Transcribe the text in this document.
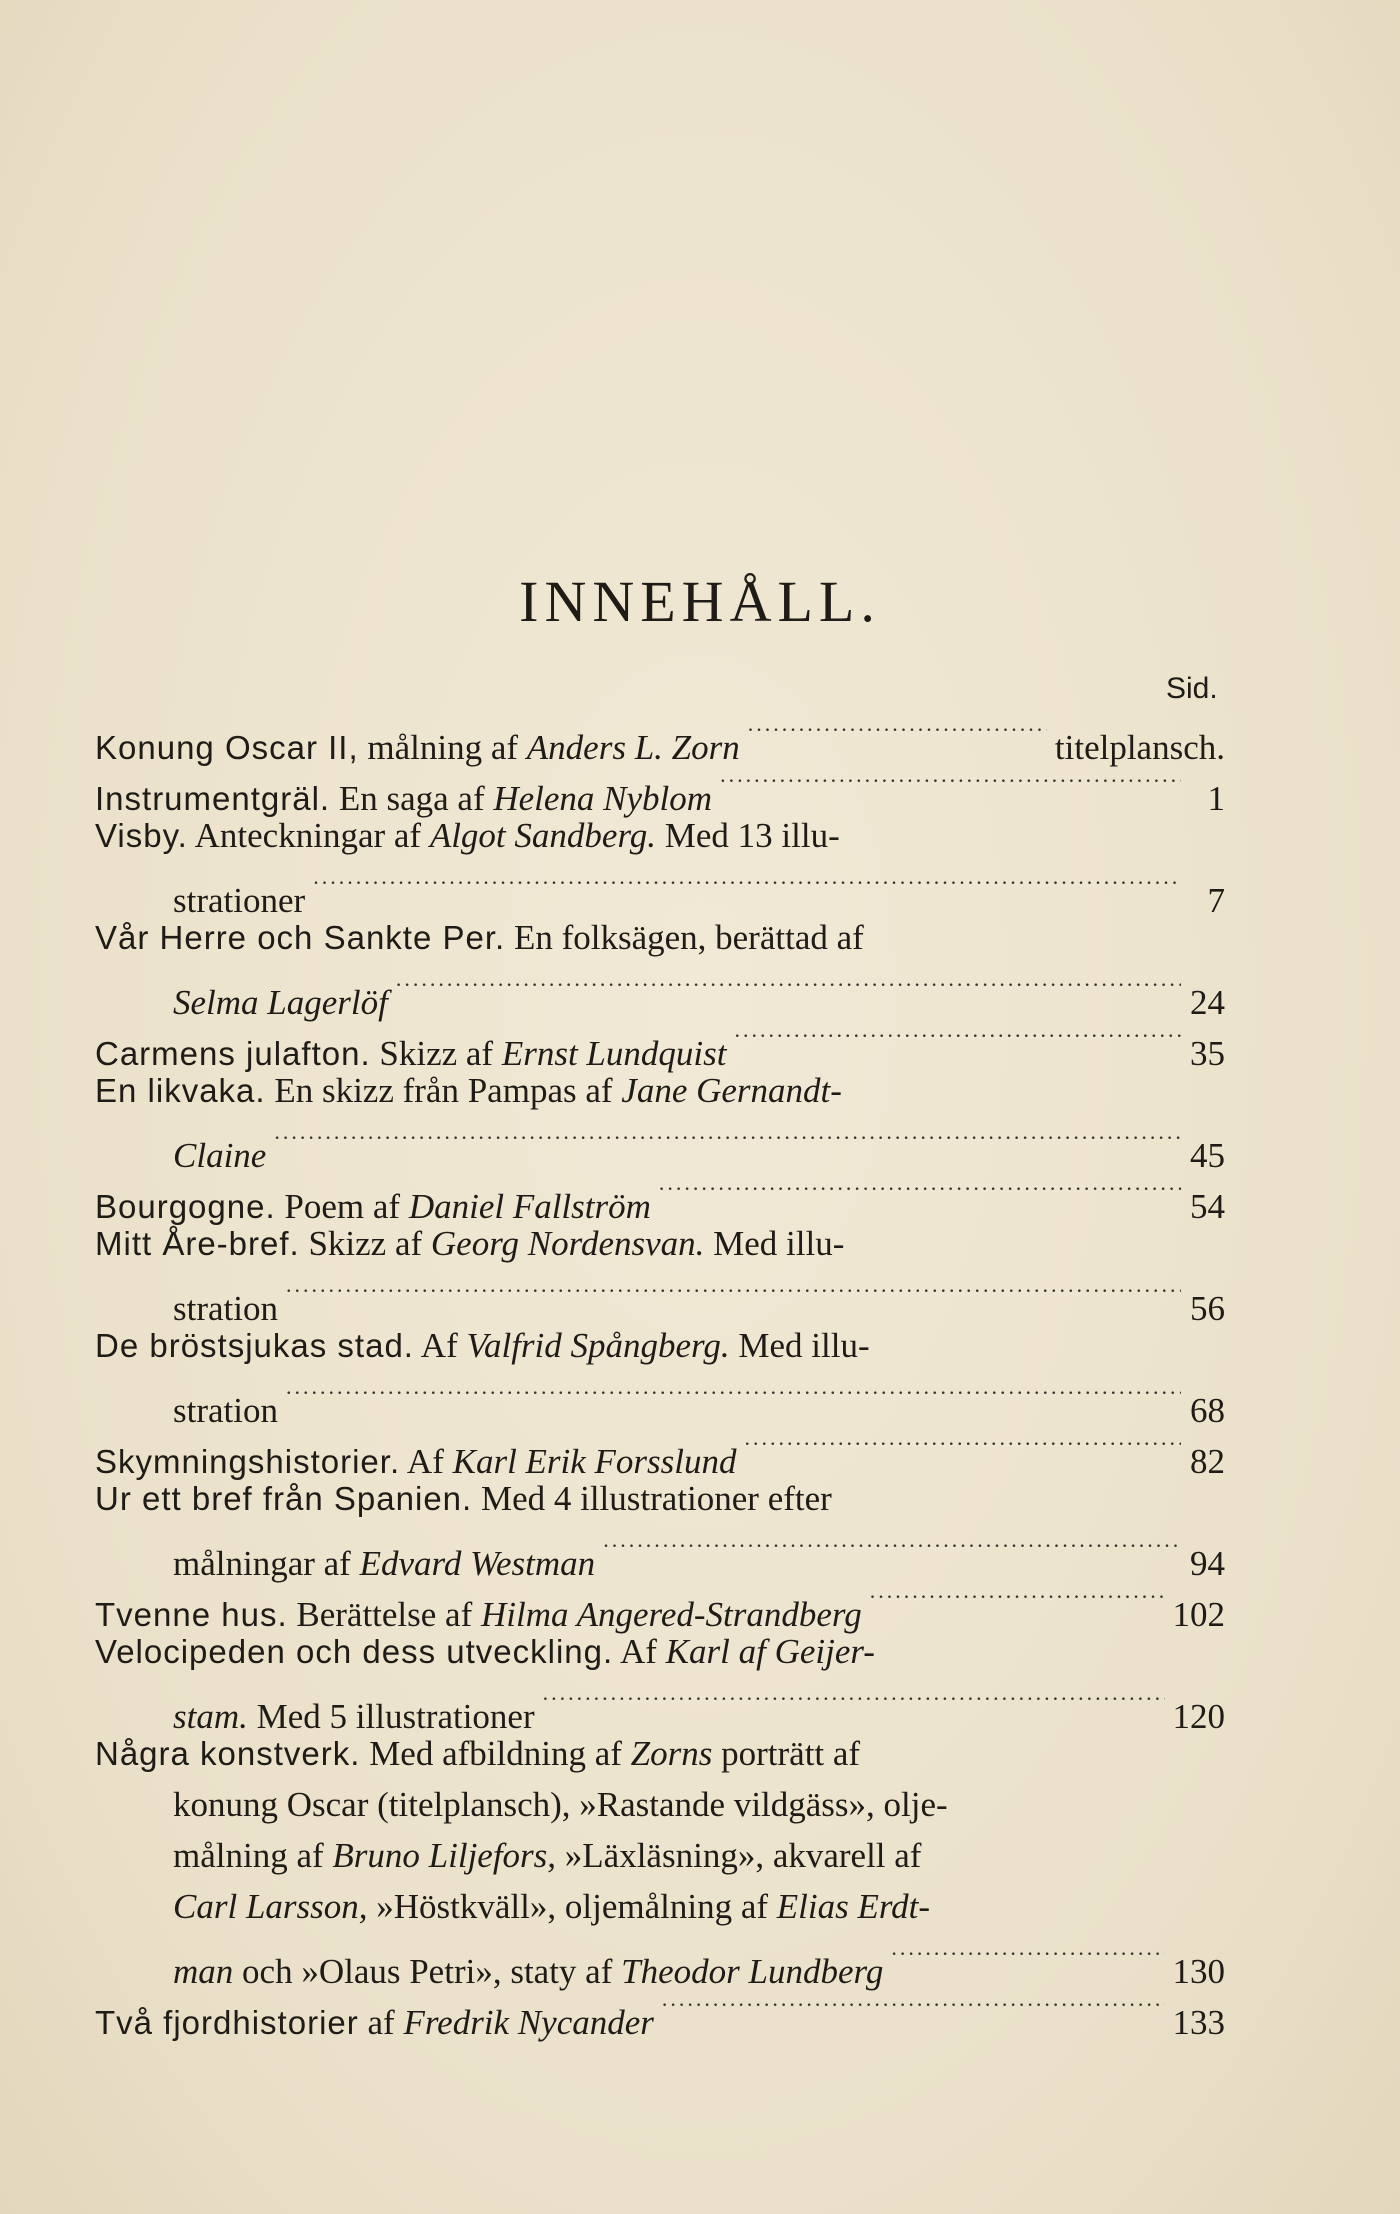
INNEHÅLL.
Sid.
Konung Oscar II, målning af Anders L. Zorn .....	titelplansch.
Instrumentgräl. En saga af Helena Nyblom .....	1
Visby. Anteckningar af Algot Sandberg. Med 13 illu-
strationer .....	7
Vår Herre och Sankte Per. En folksägen, berättad af
Selma Lagerlöf .....	24
Carmens julafton. Skizz af Ernst Lundquist .....	35
En likvaka. En skizz från Pampas af Jane Gernandt-
Claine .....	45
Bourgogne. Poem af Daniel Fallström .....	54
Mitt Åre-bref. Skizz af Georg Nordensvan. Med illu-
stration .....	56
De bröstsjukas stad. Af Valfrid Spångberg. Med illu-
stration .....	68
Skymningshistorier. Af Karl Erik Forsslund .....	82
Ur ett bref från Spanien. Med 4 illustrationer efter
målningar af Edvard Westman .....	94
Tvenne hus. Berättelse af Hilma Angered-Strandberg .....	102
Velocipeden och dess utveckling. Af Karl af Geijer-
stam. Med 5 illustrationer .....	120
Några konstverk. Med afbildning af Zorns porträtt af
konung Oscar (titelplansch), »Rastande vildgäss», olje-
målning af Bruno Liljefors, »Läxläsning», akvarell af
Carl Larsson, »Höstkväll», oljemålning af Elias Erdt-
man och »Olaus Petri», staty af Theodor Lundberg .....	130
Två fjordhistorier af Fredrik Nycander .....	133
